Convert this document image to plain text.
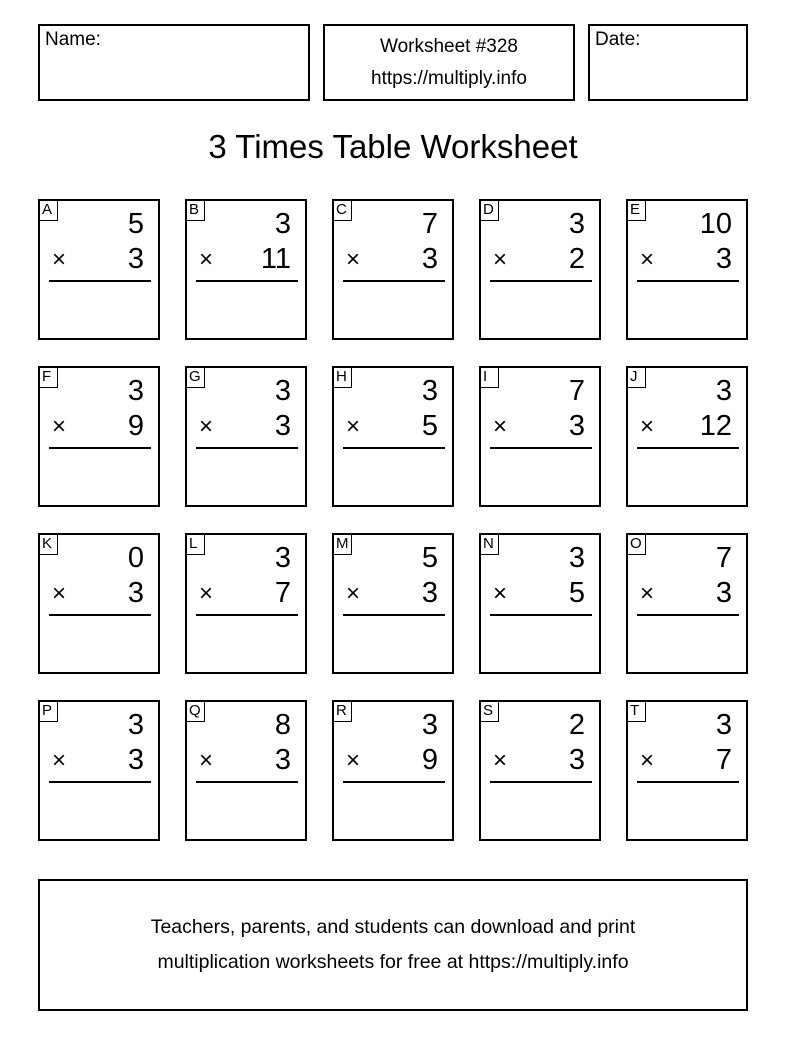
Name:	Worksheet #328
https://multiply.info
Date:
3 Times Table Worksheet
A	5
× 3
B	3
× 11
C	7
× 3
D	3
× 2
E 10
× 3
F	3
× 9
G	3
× 3
H	3
× 5
I	7
× 3
J	3
× 12
K	0
× 3
L	3
× 7
M	5
× 3
N	3
× 5
O	7
× 3
P	3
× 3
Q	8
× 3
R	3
× 9
S	2
× 3
T	3
× 7
Teachers, parents, and students can download and print
multiplication worksheets for free at https://multiply.info
